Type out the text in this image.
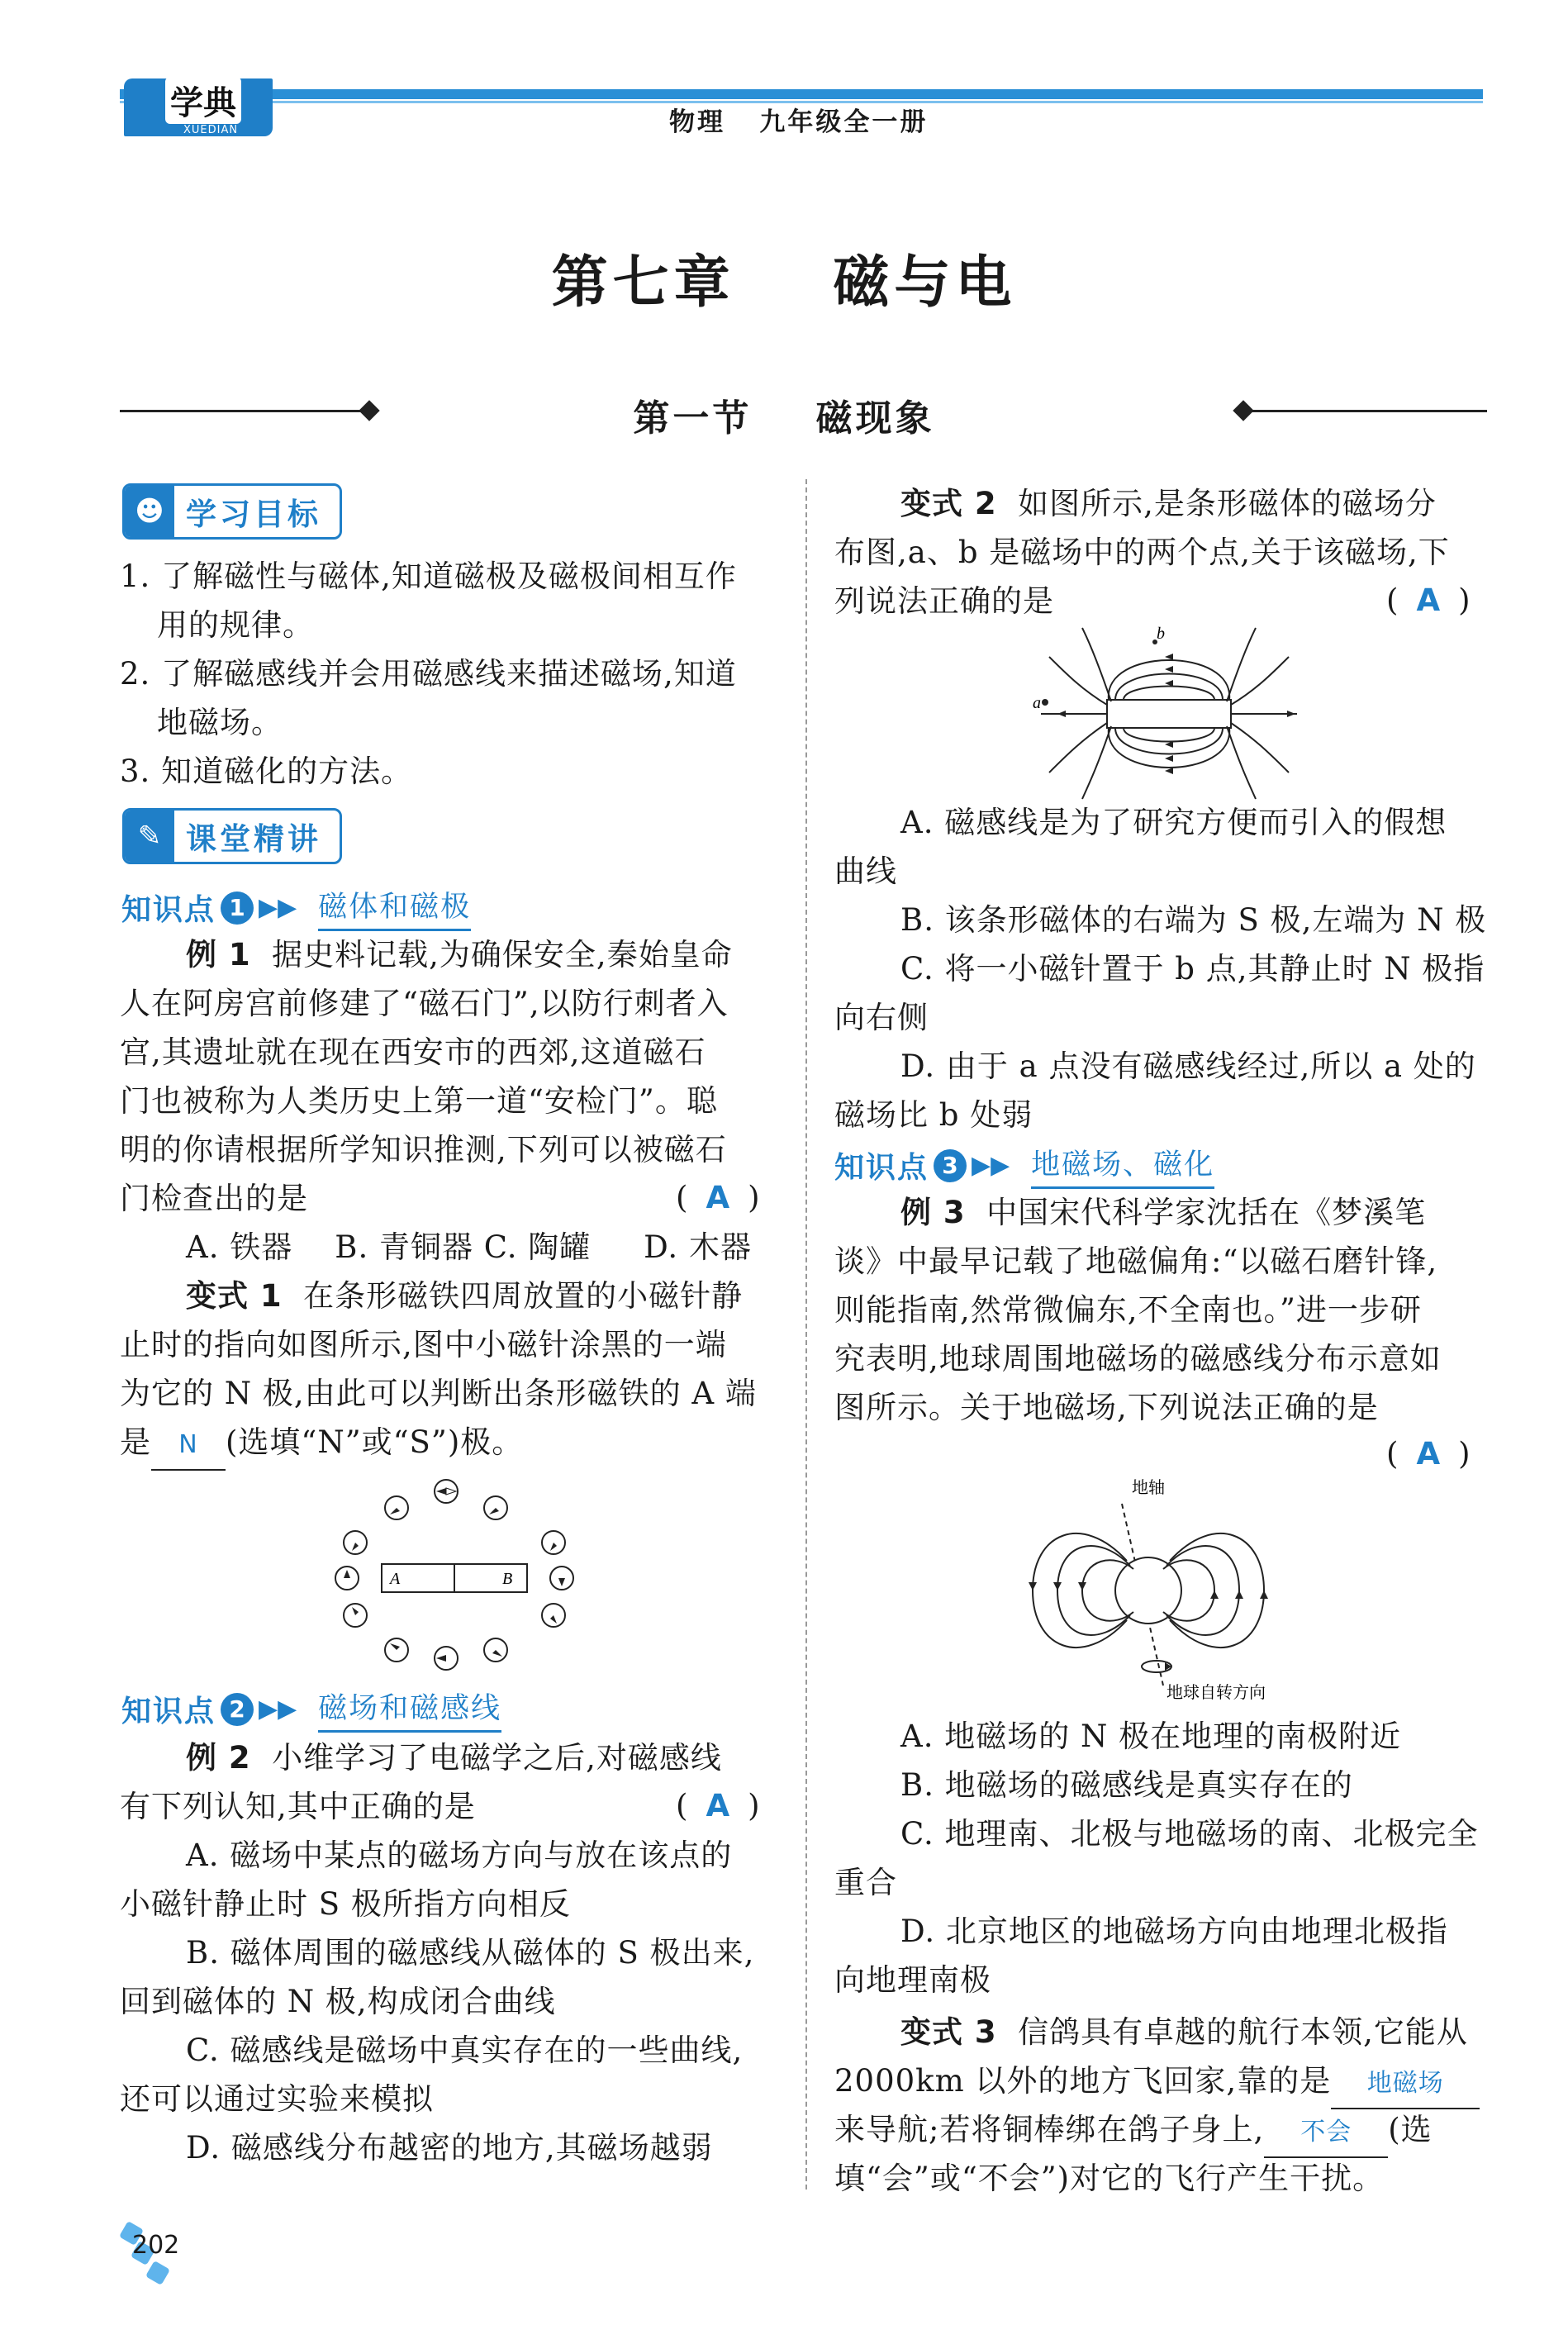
学典
XUEDIAN	物理   九年级全一册
第七章    磁与电
第一节    磁现象
☻ 学习目标
1. 了解磁性与磁体,知道磁极及磁极间相互作
用的规律。
2. 了解磁感线并会用磁感线来描述磁场,知道
地磁场。
3. 知道磁化的方法。
✎ 课堂精讲
知识点 1 ▶▶ 磁体和磁极
例 1 据史料记载,为确保安全,秦始皇命
人在阿房宫前修建了“磁石门”,以防行刺者入
宫,其遗址就在现在西安市的西郊,这道磁石
门也被称为人类历史上第一道“安检门”。聪
明的你请根据所学知识推测,下列可以被磁石
门检查出的是	( A )
A. 铁器    B. 青铜器 C. 陶罐     D. 木器
变式 1 在条形磁铁四周放置的小磁针静
止时的指向如图所示,图中小磁针涂黑的一端
为它的 N 极,由此可以判断出条形磁铁的 A 端
是 N (选填“N”或“S”)极。
A	B
知识点 2 ▶▶ 磁场和磁感线
例 2 小维学习了电磁学之后,对磁感线
有下列认知,其中正确的是	( A )
A. 磁场中某点的磁场方向与放在该点的
小磁针静止时 S 极所指方向相反
B. 磁体周围的磁感线从磁体的 S 极出来,
回到磁体的 N 极,构成闭合曲线
C. 磁感线是磁场中真实存在的一些曲线,
还可以通过实验来模拟
D. 磁感线分布越密的地方,其磁场越弱
变式 2 如图所示,是条形磁体的磁场分
布图,a、b 是磁场中的两个点,关于该磁场,下
列说法正确的是	( A )
a
b
A. 磁感线是为了研究方便而引入的假想
曲线
B. 该条形磁体的右端为 S 极,左端为 N 极
C. 将一小磁针置于 b 点,其静止时 N 极指
向右侧
D. 由于 a 点没有磁感线经过,所以 a 处的
磁场比 b 处弱
知识点 3 ▶▶ 地磁场、磁化
例 3 中国宋代科学家沈括在《梦溪笔
谈》中最早记载了地磁偏角:“以磁石磨针锋,
则能指南,然常微偏东,不全南也。”进一步研
究表明,地球周围地磁场的磁感线分布示意如
图所示。关于地磁场,下列说法正确的是
( A )
地轴
地球自转方向
A. 地磁场的 N 极在地理的南极附近
B. 地磁场的磁感线是真实存在的
C. 地理南、北极与地磁场的南、北极完全
重合
D. 北京地区的地磁场方向由地理北极指
向地理南极
变式 3 信鸽具有卓越的航行本领,它能从
2000km 以外的地方飞回家,靠的是 地磁场
来导航;若将铜棒绑在鸽子身上, 不会 (选
填“会”或“不会”)对它的飞行产生干扰。
202
